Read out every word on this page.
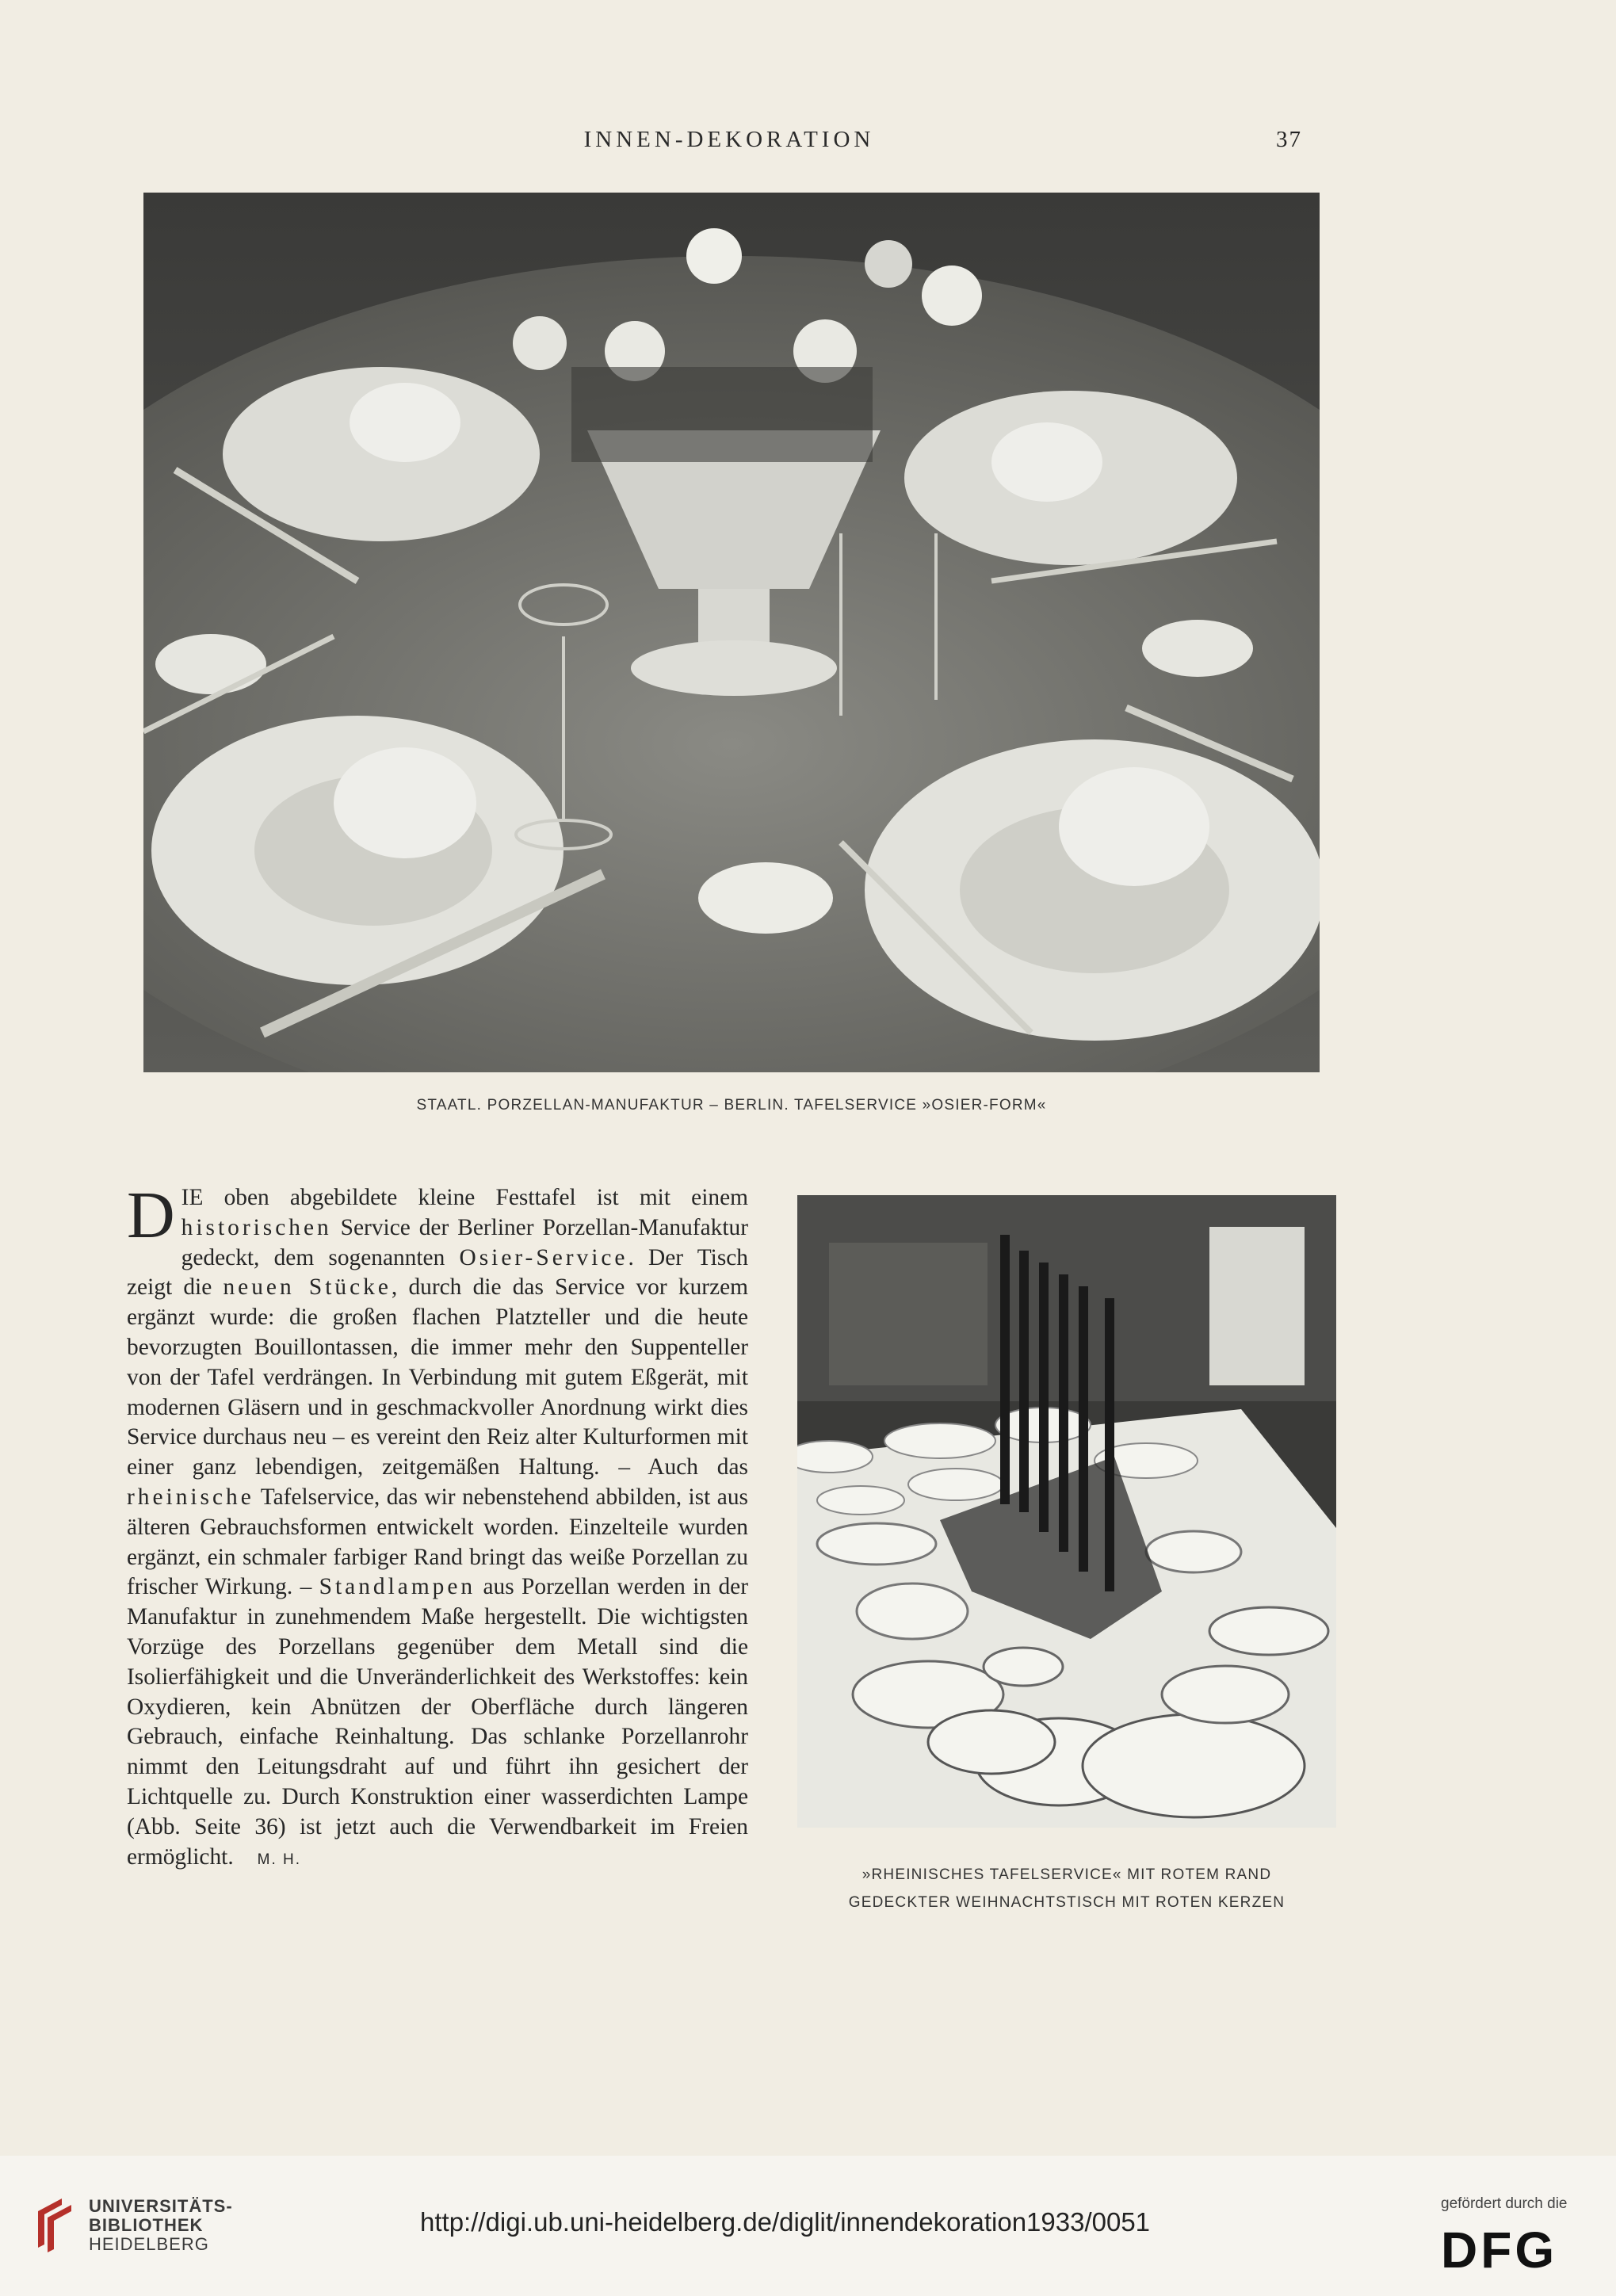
INNEN-DEKORATION	37
STAATL. PORZELLAN-MANUFAKTUR – BERLIN. TAFELSERVICE »OSIER-FORM«

DIE oben abgebildete kleine Festtafel ist mit einem historischen Service der Berliner Porzellan-Manufaktur gedeckt, dem sogenannten Osier-Service. Der Tisch zeigt die neuen Stücke, durch die das Service vor kurzem ergänzt wurde: die großen flachen Platzteller und die heute bevorzugten Bouillontassen, die immer mehr den Suppenteller von der Tafel verdrängen. In Verbindung mit gutem Eßgerät, mit modernen Gläsern und in geschmackvoller Anordnung wirkt dies Service durchaus neu – es vereint den Reiz alter Kulturformen mit einer ganz lebendigen, zeitgemäßen Haltung. – Auch das rheinische Tafelservice, das wir nebenstehend abbilden, ist aus älteren Gebrauchsformen entwickelt worden. Einzelteile wurden ergänzt, ein schmaler farbiger Rand bringt das weiße Porzellan zu frischer Wirkung. – Standlampen aus Porzellan werden in der Manufaktur in zunehmendem Maße hergestellt. Die wichtigsten Vorzüge des Porzellans gegenüber dem Metall sind die Isolierfähigkeit und die Unveränderlichkeit des Werkstoffes: kein Oxydieren, kein Abnützen der Oberfläche durch längeren Gebrauch, einfache Reinhaltung. Das schlanke Porzellanrohr nimmt den Leitungsdraht auf und führt ihn gesichert der Lichtquelle zu. Durch Konstruktion einer wasserdichten Lampe (Abb. Seite 36) ist jetzt auch die Verwendbarkeit im Freien ermöglicht. M. H.

»RHEINISCHES TAFELSERVICE« MIT ROTEM RAND
GEDECKTER WEIHNACHTSTISCH MIT ROTEN KERZEN
UNIVERSITÄTS-
BIBLIOTHEK
HEIDELBERG
http://digi.ub.uni-heidelberg.de/diglit/innendekoration1933/0051
gefördert durch die
DFG
